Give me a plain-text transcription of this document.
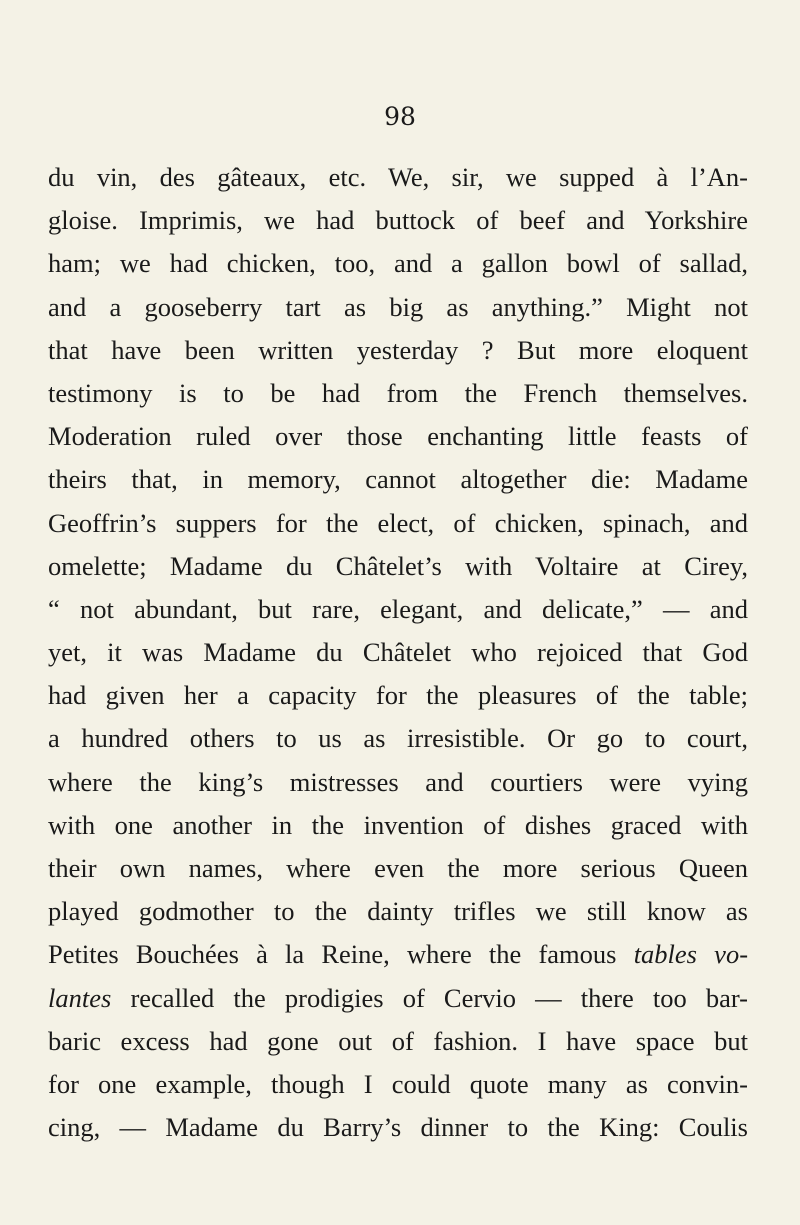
98
du vin, des gâteaux, etc. We, sir, we supped à l’An-
gloise. Imprimis, we had buttock of beef and Yorkshire
ham; we had chicken, too, and a gallon bowl of sallad,
and a gooseberry tart as big as anything.” Might not
that have been written yesterday ? But more eloquent
testimony is to be had from the French themselves.
Moderation ruled over those enchanting little feasts of
theirs that, in memory, cannot altogether die: Madame
Geoffrin’s suppers for the elect, of chicken, spinach, and
omelette; Madame du Châtelet’s with Voltaire at Cirey,
“ not abundant, but rare, elegant, and delicate,” — and
yet, it was Madame du Châtelet who rejoiced that God
had given her a capacity for the pleasures of the table;
a hundred others to us as irresistible. Or go to court,
where the king’s mistresses and courtiers were vying
with one another in the invention of dishes graced with
their own names, where even the more serious Queen
played godmother to the dainty trifles we still know as
Petites Bouchées à la Reine, where the famous tables vo-
lantes recalled the prodigies of Cervio — there too bar-
baric excess had gone out of fashion. I have space but
for one example, though I could quote many as convin-
cing, — Madame du Barry’s dinner to the King: Coulis
